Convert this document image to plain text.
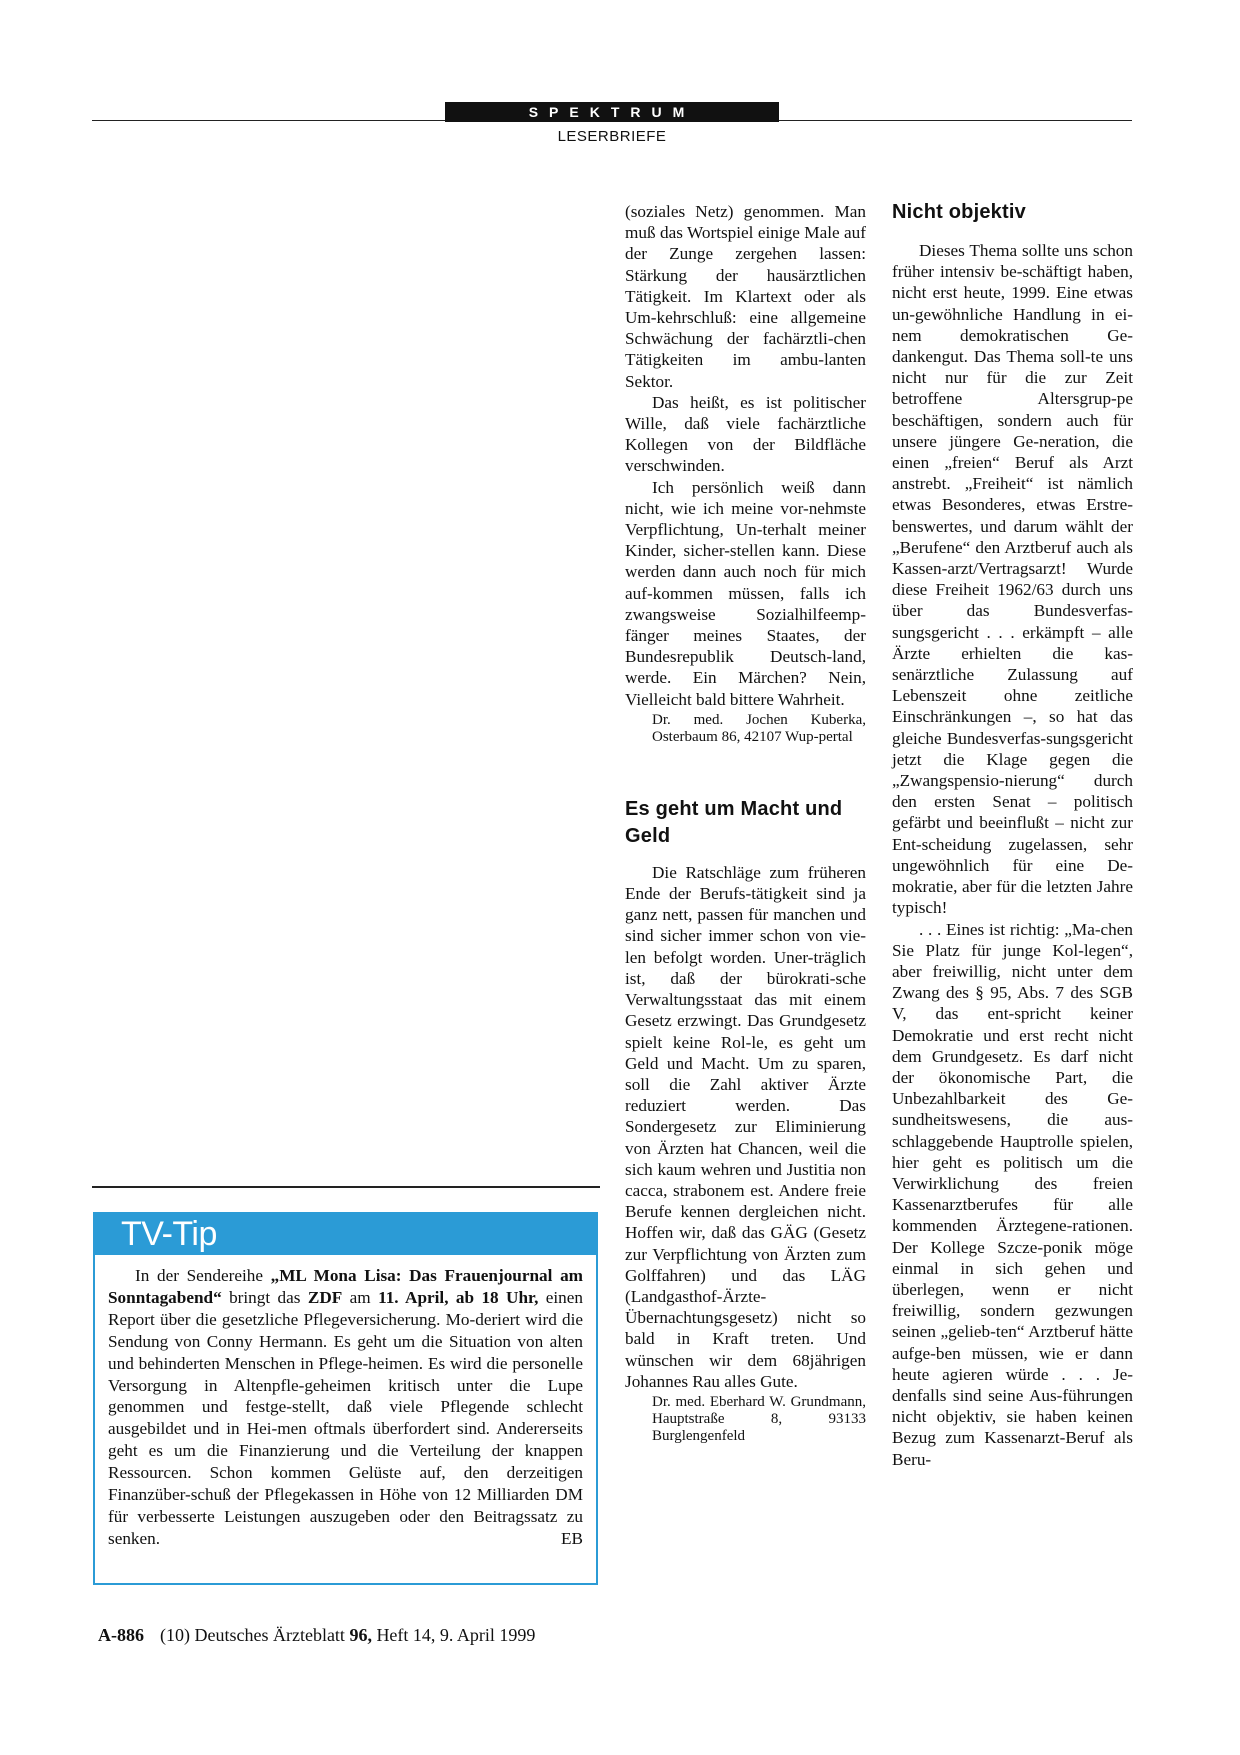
SPEKTRUM
LESERBRIEFE

(soziales Netz) genommen. Man muß das Wortspiel einige Male auf der Zunge zergehen lassen: Stärkung der hausärztlichen Tätigkeit. Im Klartext oder als Um-kehrschluß: eine allgemeine Schwächung der fachärztli-chen Tätigkeiten im ambu-lanten Sektor.

Das heißt, es ist politischer Wille, daß viele fachärztliche Kollegen von der Bildfläche verschwinden.

Ich persönlich weiß dann nicht, wie ich meine vor-nehmste Verpflichtung, Un-terhalt meiner Kinder, sicher-stellen kann. Diese werden dann auch noch für mich auf-kommen müssen, falls ich zwangsweise Sozialhilfeemp-fänger meines Staates, der Bundesrepublik Deutsch-land, werde. Ein Märchen? Nein, Vielleicht bald bittere Wahrheit.

Dr. med. Jochen Kuberka, Osterbaum 86, 42107 Wup-pertal
Es geht um Macht und Geld

Die Ratschläge zum früheren Ende der Berufs-tätigkeit sind ja ganz nett, passen für manchen und sind sicher immer schon von vie-len befolgt worden. Uner-träglich ist, daß der bürokrati-sche Verwaltungsstaat das mit einem Gesetz erzwingt. Das Grundgesetz spielt keine Rol-le, es geht um Geld und Macht. Um zu sparen, soll die Zahl aktiver Ärzte reduziert werden. Das Sondergesetz zur Eliminierung von Ärzten hat Chancen, weil die sich kaum wehren und Justitia non cacca, strabonem est. Andere freie Berufe kennen dergleichen nicht. Hoffen wir, daß das GÄG (Gesetz zur Verpflichtung von Ärzten zum Golffahren) und das LÄG (Landgasthof-Ärzte-Übernachtungsgesetz) nicht so bald in Kraft treten. Und wünschen wir dem 68jährigen Johannes Rau alles Gute.

Dr. med. Eberhard W. Grundmann, Hauptstraße 8, 93133 Burglengenfeld
Nicht objektiv

Dieses Thema sollte uns schon früher intensiv be-schäftigt haben, nicht erst heute, 1999. Eine etwas un-gewöhnliche Handlung in ei-nem demokratischen Ge-dankengut. Das Thema soll-te uns nicht nur für die zur Zeit betroffene Altersgrup-pe beschäftigen, sondern auch für unsere jüngere Ge-neration, die einen „freien“ Beruf als Arzt anstrebt. „Freiheit“ ist nämlich etwas Besonderes, etwas Erstre-benswertes, und darum wählt der „Berufene“ den Arztberuf auch als Kassen-arzt/Vertragsarzt! Wurde diese Freiheit 1962/63 durch uns über das Bundesverfas-sungsgericht . . . erkämpft – alle Ärzte erhielten die kas-senärztliche Zulassung auf Lebenszeit ohne zeitliche Einschränkungen –, so hat das gleiche Bundesverfas-sungsgericht jetzt die Klage gegen die „Zwangspensio-nierung“ durch den ersten Senat – politisch gefärbt und beeinflußt – nicht zur Ent-scheidung zugelassen, sehr ungewöhnlich für eine De-mokratie, aber für die letzten Jahre typisch!

. . . Eines ist richtig: „Ma-chen Sie Platz für junge Kol-legen“, aber freiwillig, nicht unter dem Zwang des § 95, Abs. 7 des SGB V, das ent-spricht keiner Demokratie und erst recht nicht dem Grundgesetz. Es darf nicht der ökonomische Part, die Unbezahlbarkeit des Ge-sundheitswesens, die aus-schlaggebende Hauptrolle spielen, hier geht es politisch um die Verwirklichung des freien Kassenarztberufes für alle kommenden Ärztegene-rationen. Der Kollege Szcze-ponik möge einmal in sich gehen und überlegen, wenn er nicht freiwillig, sondern gezwungen seinen „gelieb-ten“ Arztberuf hätte aufge-ben müssen, wie er dann heute agieren würde . . . Je-denfalls sind seine Aus-führungen nicht objektiv, sie haben keinen Bezug zum Kassenarzt-Beruf als Beru-

TV-Tip

In der Sendereihe „ML Mona Lisa: Das Frauenjournal am Sonntagabend“ bringt das ZDF am 11. April, ab 18 Uhr, einen Report über die gesetzliche Pflegeversicherung. Mo-deriert wird die Sendung von Conny Hermann. Es geht um die Situation von alten und behinderten Menschen in Pflege-heimen. Es wird die personelle Versorgung in Altenpfle-geheimen kritisch unter die Lupe genommen und festge-stellt, daß viele Pflegende schlecht ausgebildet und in Hei-men oftmals überfordert sind. Andererseits geht es um die Finanzierung und die Verteilung der knappen Ressourcen. Schon kommen Gelüste auf, den derzeitigen Finanzüber-schuß der Pflegekassen in Höhe von 12 Milliarden DM für verbesserte Leistungen auszugeben oder den Beitragssatz zu senken.	EB

A-886 (10) Deutsches Ärzteblatt 96, Heft 14, 9. April 1999
